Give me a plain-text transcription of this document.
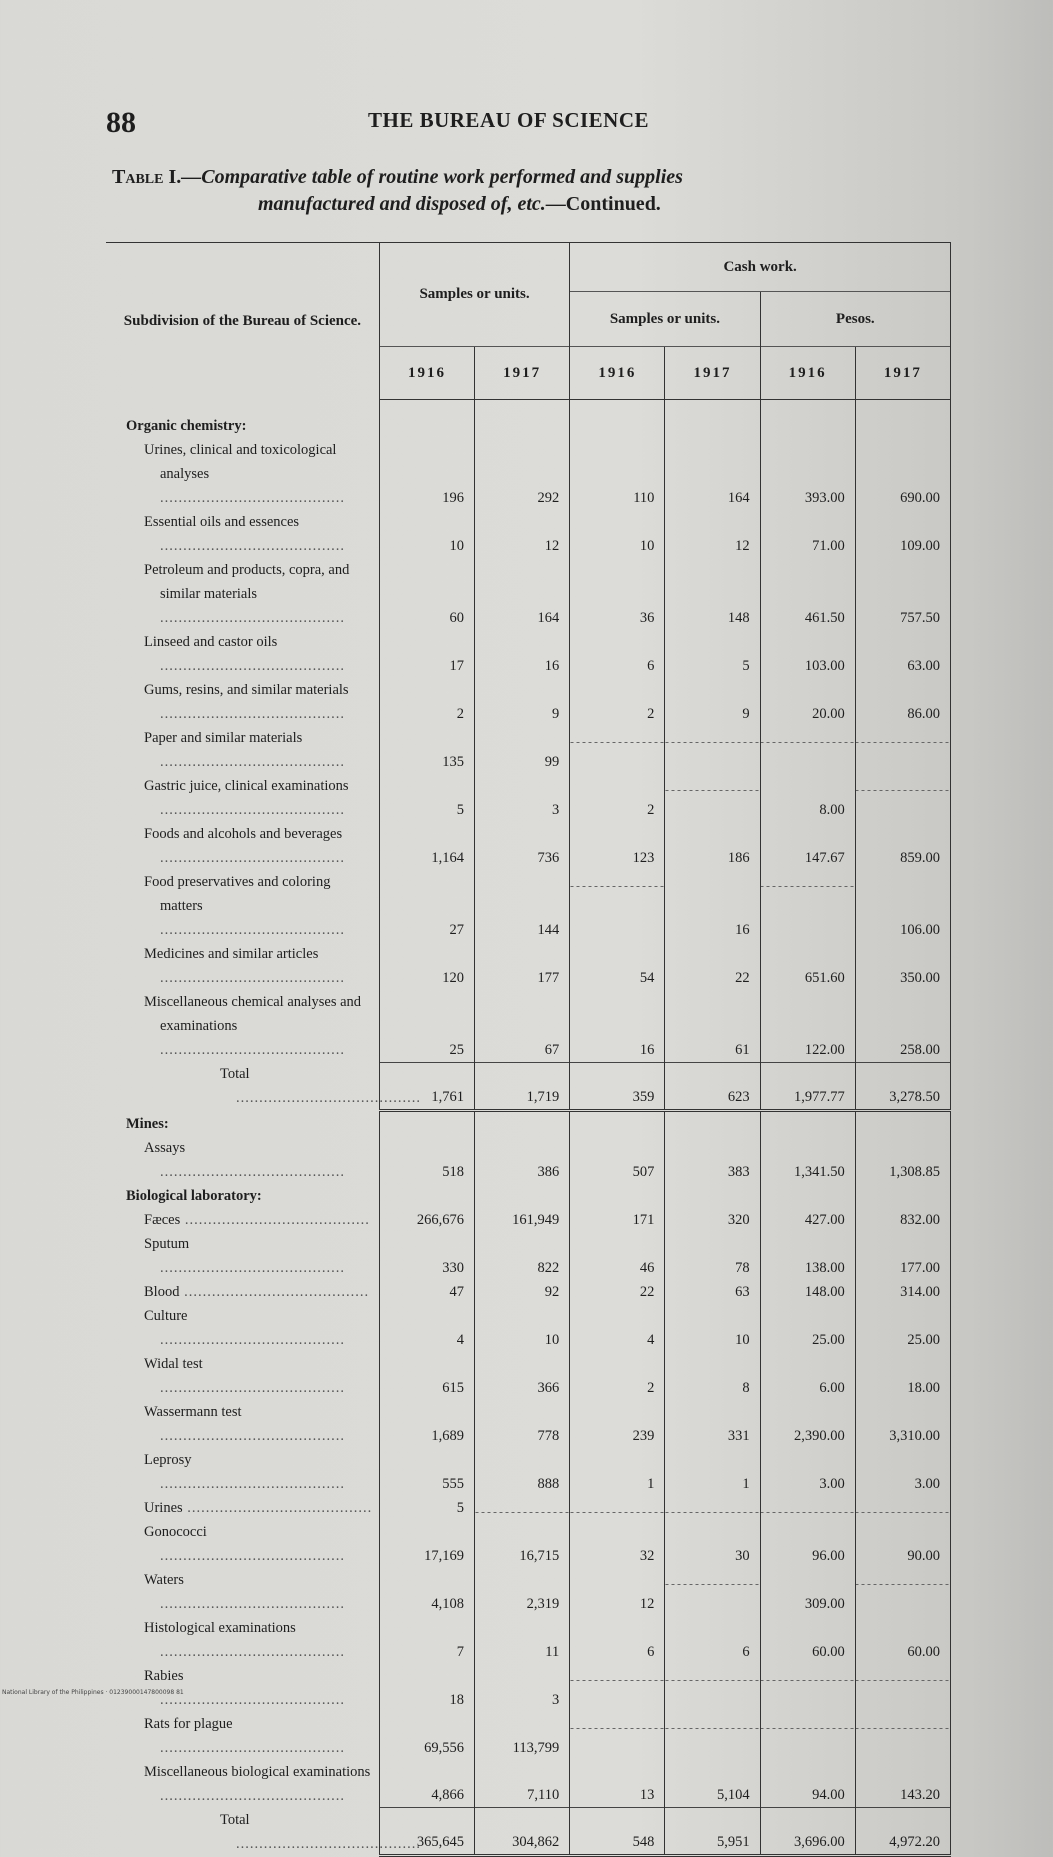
88	THE BUREAU OF SCIENCE
Table I.—Comparative table of routine work performed and supplies
manufactured and disposed of, etc.—Continued.
Subdivision of the Bureau of Science.	Samples or units.		Cash work.			
			Samples or units.		Pesos.	
	1916	1917	1916	1917	1916	1917

Organic chemistry:						

Urines, clinical and toxicological analyses .....	196	292	110	164	393.00	690.00

Essential oils and essences .....	10	12	10	12	71.00	109.00

Petroleum and products, copra, and similar materials .....	60	164	36	148	461.50	757.50

Linseed and castor oils .....	17	16	6	5	103.00	63.00

Gums, resins, and similar materials .....	2	9	2	9	20.00	86.00

Paper and similar materials .....	135	99				

Gastric juice, clinical examinations .....	5	3	2		8.00	

Foods and alcohols and beverages .....	1,164	736	123	186	147.67	859.00

Food preservatives and coloring matters .....	27	144		16		106.00

Medicines and similar articles .....	120	177	54	22	651.60	350.00

Miscellaneous chemical analyses and examinations .....	25	67	16	61	122.00	258.00

Total .....	1,761	1,719	359	623	1,977.77	3,278.50

Mines:						

Assays .....	518	386	507	383	1,341.50	1,308.85

Biological laboratory:						

Fæces .....	266,676	161,949	171	320	427.00	832.00

Sputum .....	330	822	46	78	138.00	177.00

Blood .....	47	92	22	63	148.00	314.00

Culture .....	4	10	4	10	25.00	25.00

Widal test .....	615	366	2	8	6.00	18.00

Wassermann test .....	1,689	778	239	331	2,390.00	3,310.00

Leprosy .....	555	888	1	1	3.00	3.00

Urines .....	5					

Gonococci .....	17,169	16,715	32	30	96.00	90.00

Waters .....	4,108	2,319	12		309.00	

Histological examinations .....	7	11	6	6	60.00	60.00

Rabies .....	18	3				

Rats for plague .....	69,556	113,799				

Miscellaneous biological examinations .....	4,866	7,110	13	5,104	94.00	143.20

Total .....	365,645	304,862	548	5,951	3,696.00	4,972.20
National Library of the Philippines · 01239000147800098 81
